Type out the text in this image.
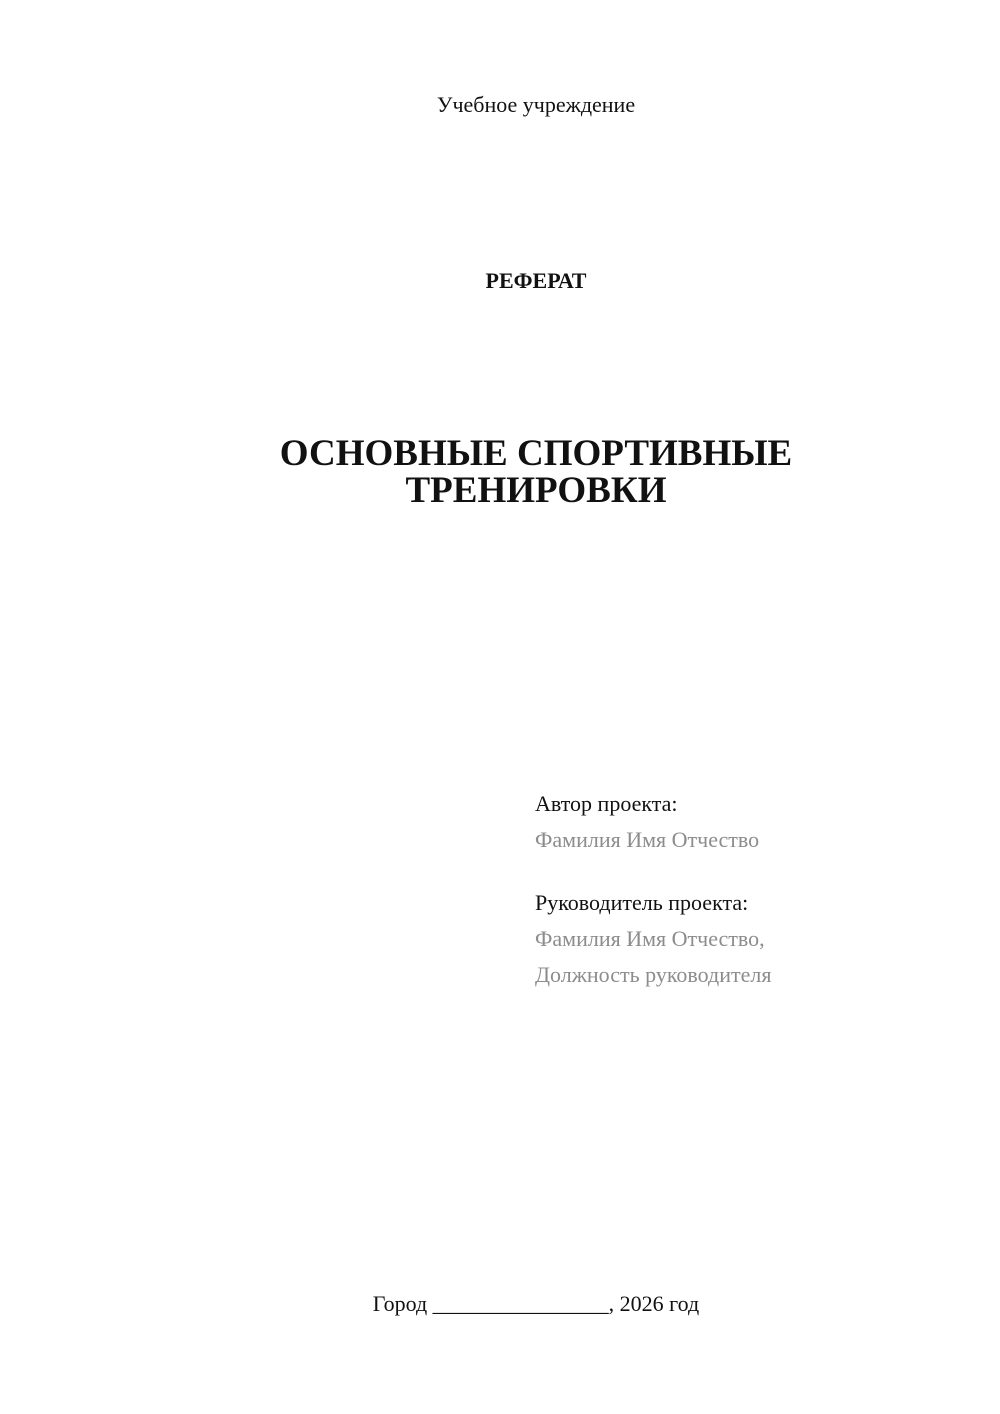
Учебное учреждение
РЕФЕРАТ
ОСНОВНЫЕ СПОРТИВНЫЕ
ТРЕНИРОВКИ
Автор проекта:
Фамилия Имя Отчество
Руководитель проекта:
Фамилия Имя Отчество,
Должность руководителя
Город ________________, 2026 год
